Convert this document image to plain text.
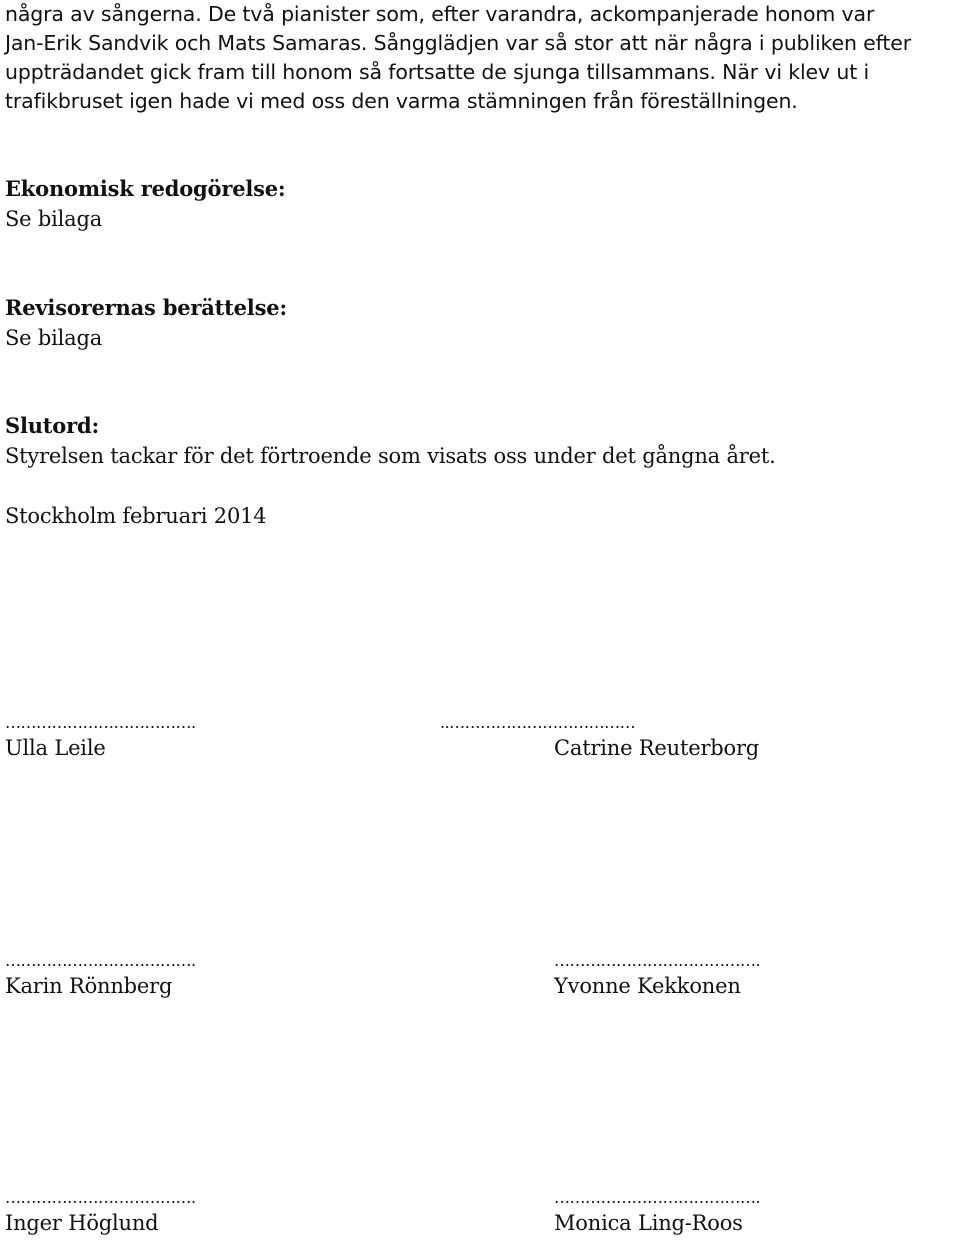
några av sångerna. De två pianister som, efter varandra, ackompanjerade honom var
Jan-Erik Sandvik och Mats Samaras. Sångglädjen var så stor att när några i publiken efter
uppträdandet gick fram till honom så fortsatte de sjunga tillsammans. När vi klev ut i
trafikbruset igen hade vi med oss den varma stämningen från föreställningen.

Ekonomisk redogörelse:
Se bilaga
Revisorernas berättelse:
Se bilaga
Slutord:
Styrelsen tackar för det förtroende som visats oss under det gångna året.
Stockholm februari 2014
……………………………….
Ulla Leile
..………………………………
Catrine Reuterborg
……………………………….
Karin Rönnberg
………………………………….
Yvonne Kekkonen
……………………………….
Inger Höglund
………………………………….
Monica Ling-Roos
